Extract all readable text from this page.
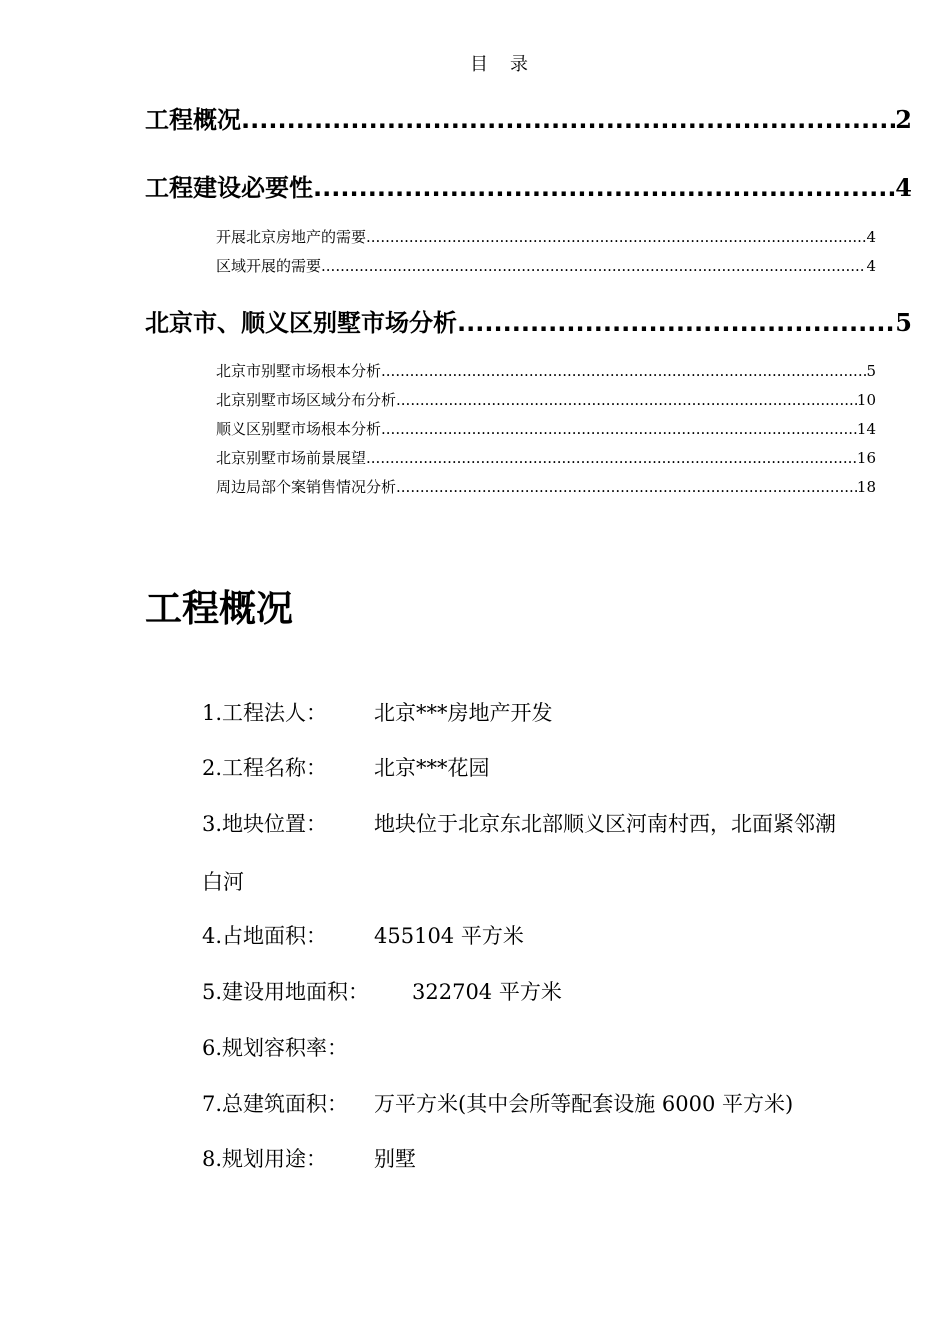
目录
工程概况 .....	2
工程建设必要性 .....	4
开展北京房地产的需要 .....	4
区域开展的需要 .....	4
北京市、顺义区别墅市场分析 .....	5
北京市别墅市场根本分析 .....	5
北京别墅市场区域分布分析 .....	10
顺义区别墅市场根本分析 .....	14
北京别墅市场前景展望 .....	16
周边局部个案销售情况分析 .....	18
工程概况
1.工程法人： 北京***房地产开发
2.工程名称： 北京***花园
3.地块位置： 地块位于北京东北部顺义区河南村西，北面紧邻潮
白河
4.占地面积： 455104 平方米
5.建设用地面积： 322704 平方米
6.规划容积率：
7.总建筑面积： 万平方米(其中会所等配套设施 6000 平方米)
8.规划用途： 别墅
